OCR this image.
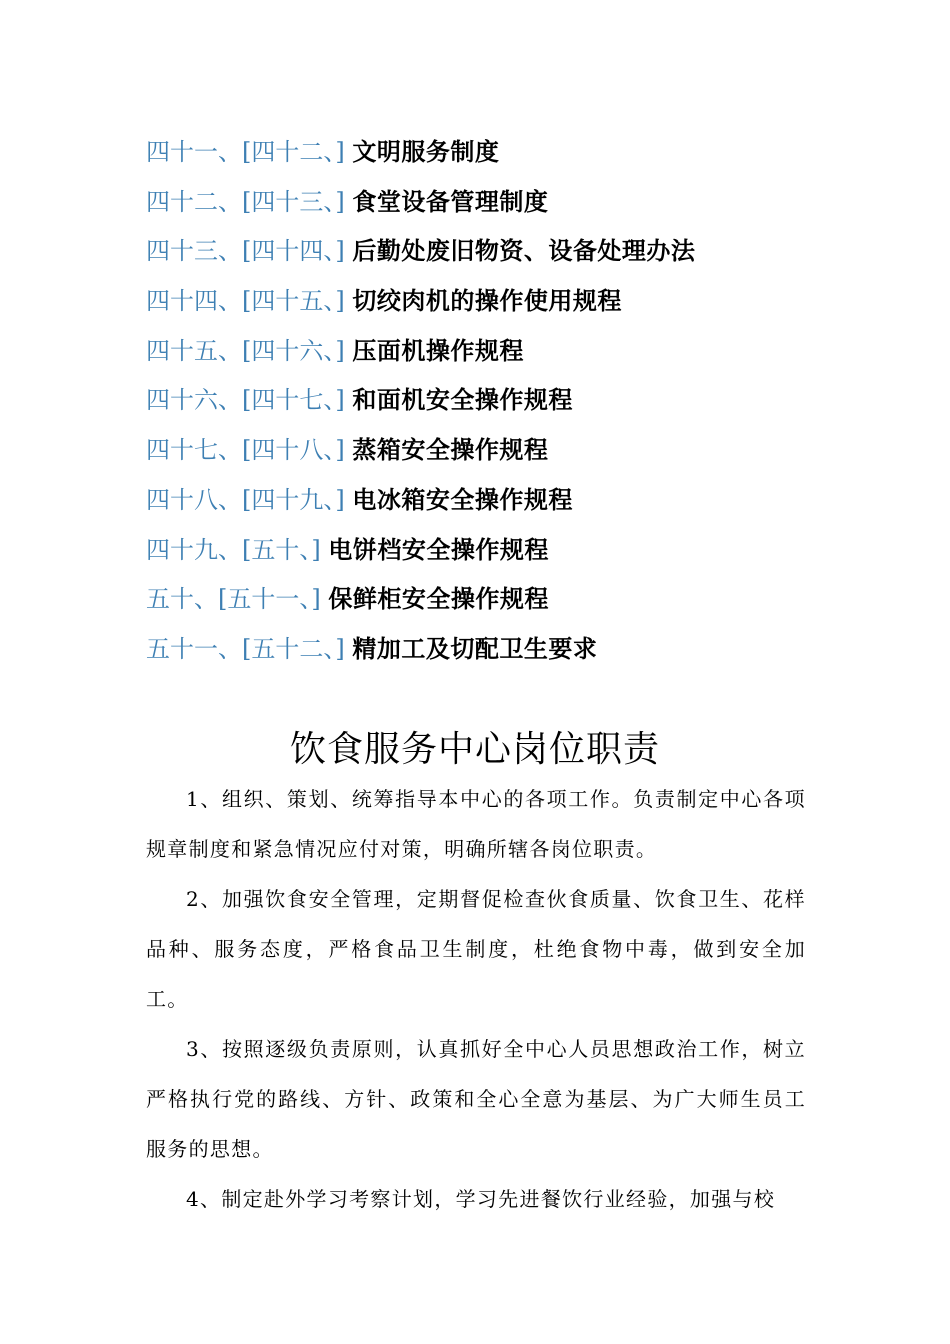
四十一、[四十二、] 文明服务制度
四十二、[四十三、] 食堂设备管理制度
四十三、[四十四、] 后勤处废旧物资、设备处理办法
四十四、[四十五、] 切绞肉机的操作使用规程
四十五、[四十六、] 压面机操作规程
四十六、[四十七、] 和面机安全操作规程
四十七、[四十八、] 蒸箱安全操作规程
四十八、[四十九、] 电冰箱安全操作规程
四十九、[五十、] 电饼档安全操作规程
五十、[五十一、] 保鲜柜安全操作规程
五十一、[五十二、] 精加工及切配卫生要求
饮食服务中心岗位职责

1、组织、策划、统筹指导本中心的各项工作。负责制定中心各项规章制度和紧急情况应付对策，明确所辖各岗位职责。

2、加强饮食安全管理，定期督促检查伙食质量、饮食卫生、花样品种、服务态度，严格食品卫生制度，杜绝食物中毒，做到安全加工。

3、按照逐级负责原则，认真抓好全中心人员思想政治工作，树立严格执行党的路线、方针、政策和全心全意为基层、为广大师生员工服务的思想。

4、制定赴外学习考察计划，学习先进餐饮行业经验，加强与校
